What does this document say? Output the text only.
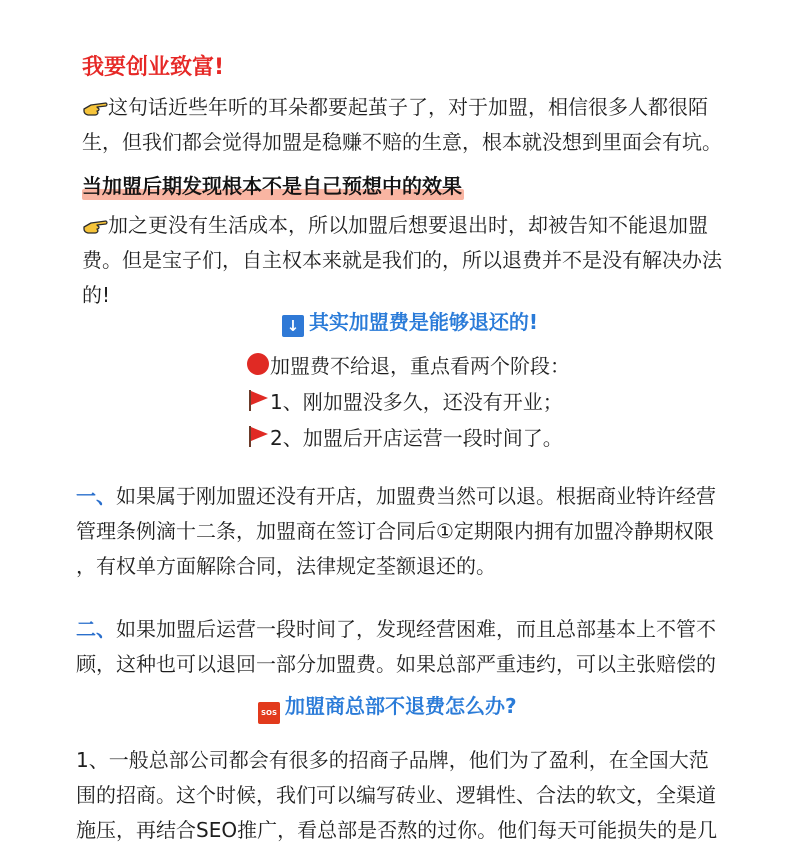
我要创业致富!
这句话近些年听的耳朵都要起茧子了，对于加盟，相信很多人都很陌
生，但我们都会觉得加盟是稳赚不赔的生意，根本就没想到里面会有坑。
当加盟后期发现根本不是自己预想中的效果
加之更没有生活成本，所以加盟后想要退出时，却被告知不能退加盟
费。但是宝子们，自主权本来就是我们的，所以退费并不是没有解决办法
的!
↓ 其实加盟费是能够退还的!
加盟费不给退，重点看两个阶段：
1、刚加盟没多久，还没有开业；
2、加盟后开店运营一段时间了。
一、如果属于刚加盟还没有开店，加盟费当然可以退。根据商业特许经营
管理条例滴十二条，加盟商在签订合同后①定期限内拥有加盟冷静期权限
，有权单方面解除合同，法律规定荃额退还的。
二、如果加盟后运营一段时间了，发现经营困难，而且总部基本上不管不
顾，这种也可以退回一部分加盟费。如果总部严重违约，可以主张赔偿的
SOS 加盟商总部不退费怎么办?
1、一般总部公司都会有很多的招商子品牌，他们为了盈利，在全国大范
围的招商。这个时候，我们可以编写砖业、逻辑性、合法的软文，全渠道
施压，再结合SEO推广，看总部是否熬的过你。他们每天可能损失的是几
